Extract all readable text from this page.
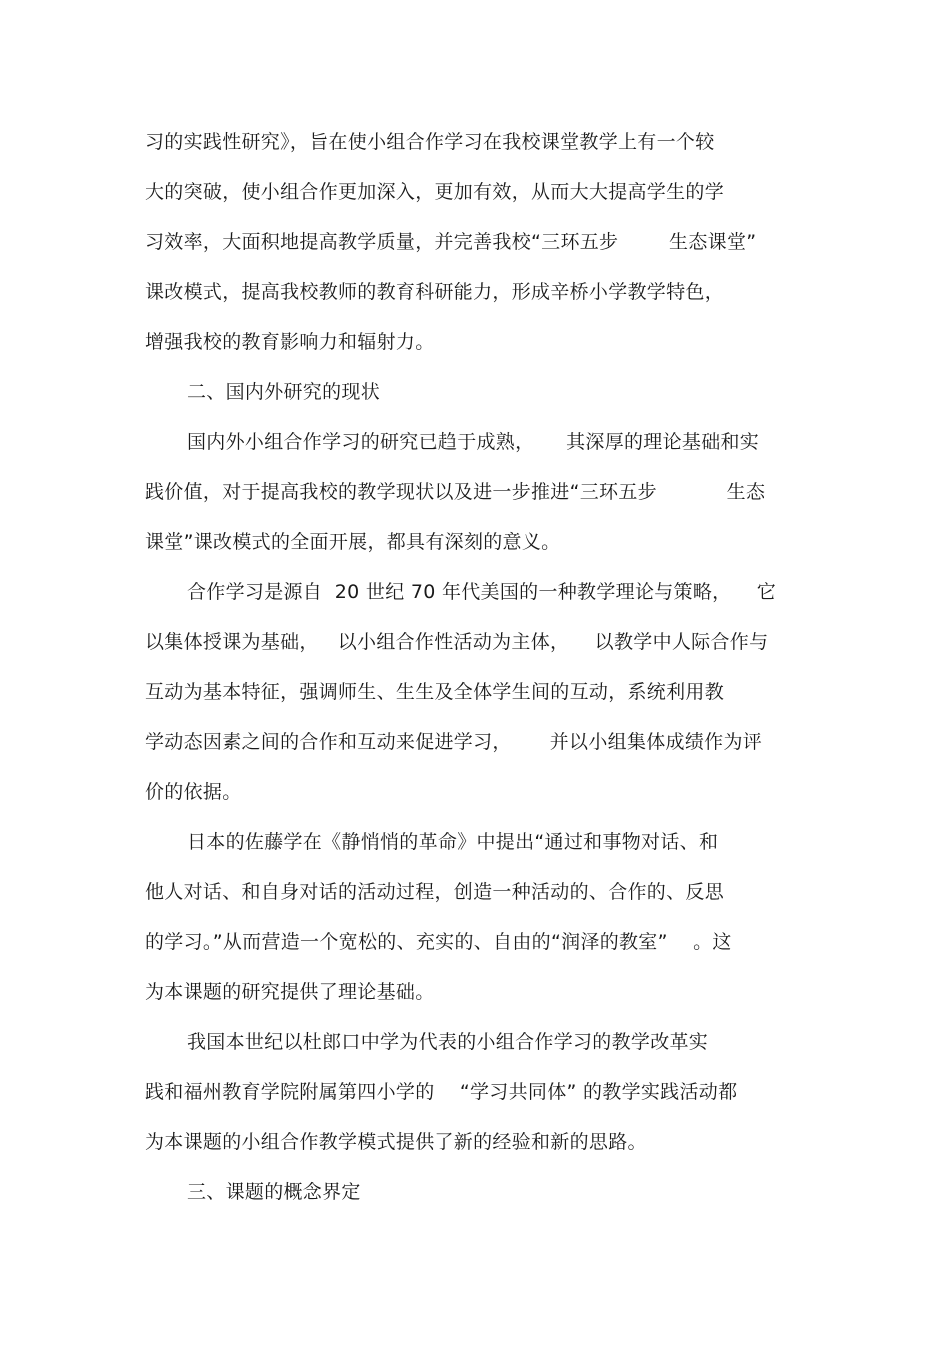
习的实践性研究》，旨在使小组合作学习在我校课堂教学上有一个较
大的突破，使小组合作更加深入，更加有效，从而大大提高学生的学
习效率，大面积地提高教学质量，并完善我校“三环五步        生态课堂”
课改模式，提高我校教师的教育科研能力，形成辛桥小学教学特色，
增强我校的教育影响力和辐射力。
二、国内外研究的现状
国内外小组合作学习的研究已趋于成熟，     其深厚的理论基础和实
践价值，对于提高我校的教学现状以及进一步推进“三环五步           生态
课堂”课改模式的全面开展，都具有深刻的意义。
合作学习是源自  20 世纪 70 年代美国的一种教学理论与策略，    它
以集体授课为基础，   以小组合作性活动为主体，    以教学中人际合作与
互动为基本特征，强调师生、生生及全体学生间的互动，系统利用教
学动态因素之间的合作和互动来促进学习，      并以小组集体成绩作为评
价的依据。
日本的佐藤学在《静悄悄的革命》中提出“通过和事物对话、和
他人对话、和自身对话的活动过程，创造一种活动的、合作的、反思
的学习。”从而营造一个宽松的、充实的、自由的“润泽的教室”    。这
为本课题的研究提供了理论基础。
我国本世纪以杜郎口中学为代表的小组合作学习的教学改革实
践和福州教育学院附属第四小学的    “学习共同体” 的教学实践活动都
为本课题的小组合作教学模式提供了新的经验和新的思路。
三、课题的概念界定
